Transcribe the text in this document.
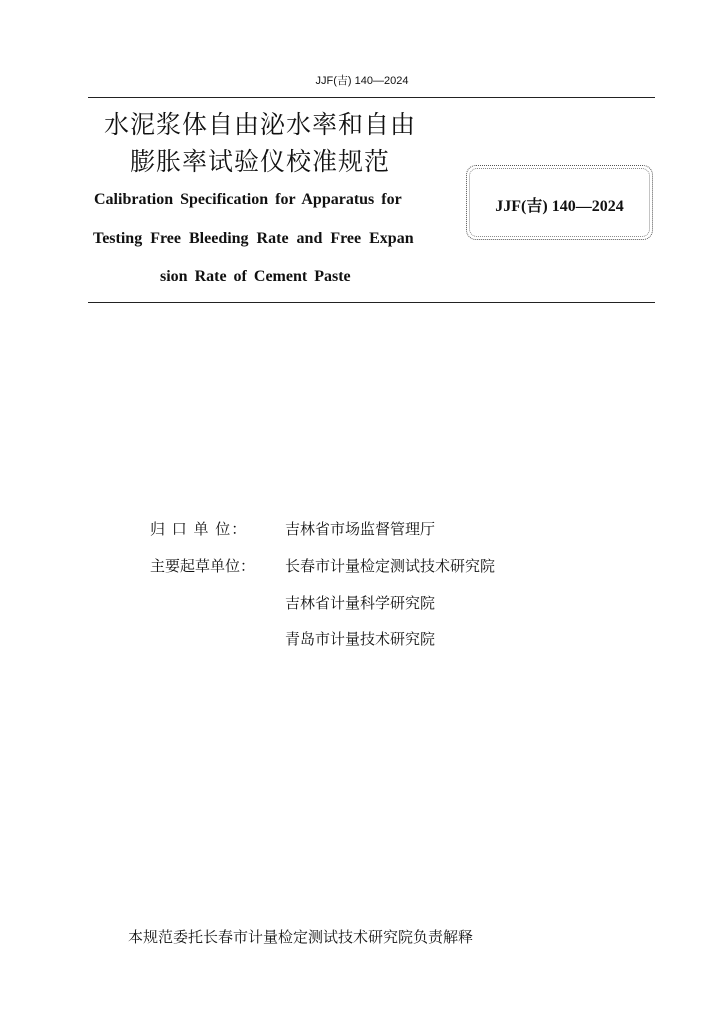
JJF(吉) 140—2024
水泥浆体自由泌水率和自由
膨胀率试验仪校准规范
Calibration Specification for Apparatus for
Testing Free Bleeding Rate and Free Expan
sion Rate of Cement Paste
JJF(吉) 140—2024
归 口 单 位：	吉林省市场监督管理厅
主要起草单位： 长春市计量检定测试技术研究院
吉林省计量科学研究院
青岛市计量技术研究院
本规范委托长春市计量检定测试技术研究院负责解释
